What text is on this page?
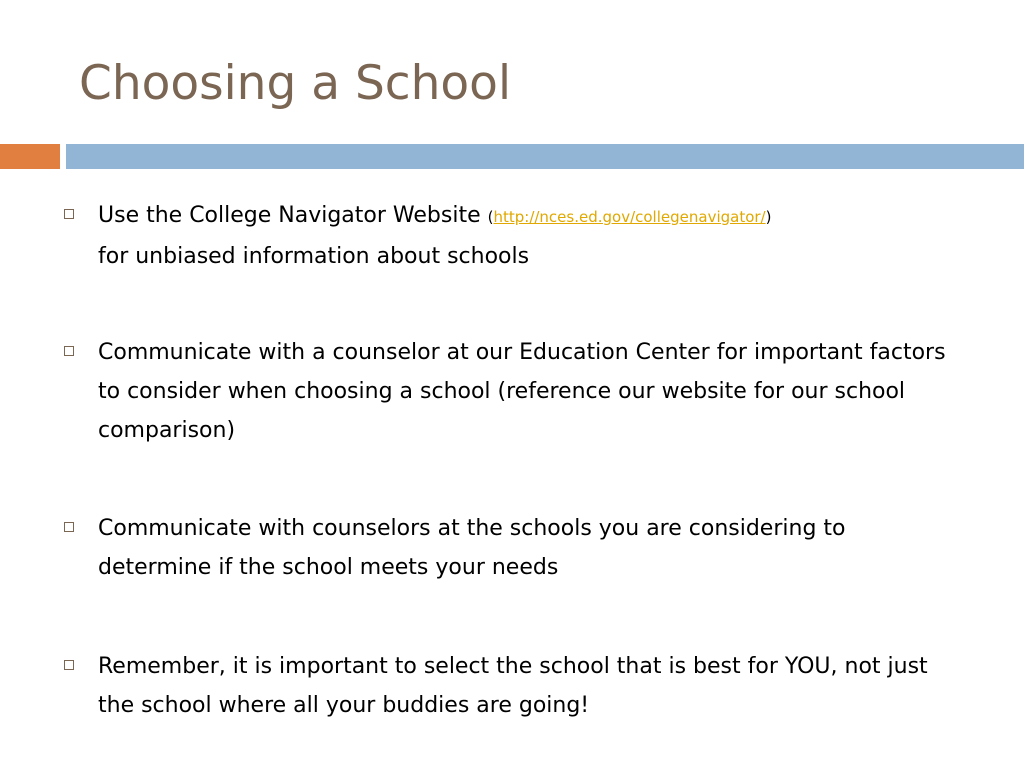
Choosing a School
Use the College Navigator Website (http://nces.ed.gov/collegenavigator/)
for unbiased information about schools
Communicate with a counselor at our Education Center for important factors to consider when choosing a school (reference our website for our school comparison)
Communicate with counselors at the schools you are considering to determine if the school meets your needs
Remember, it is important to select the school that is best for YOU, not just the school where all your buddies are going!
